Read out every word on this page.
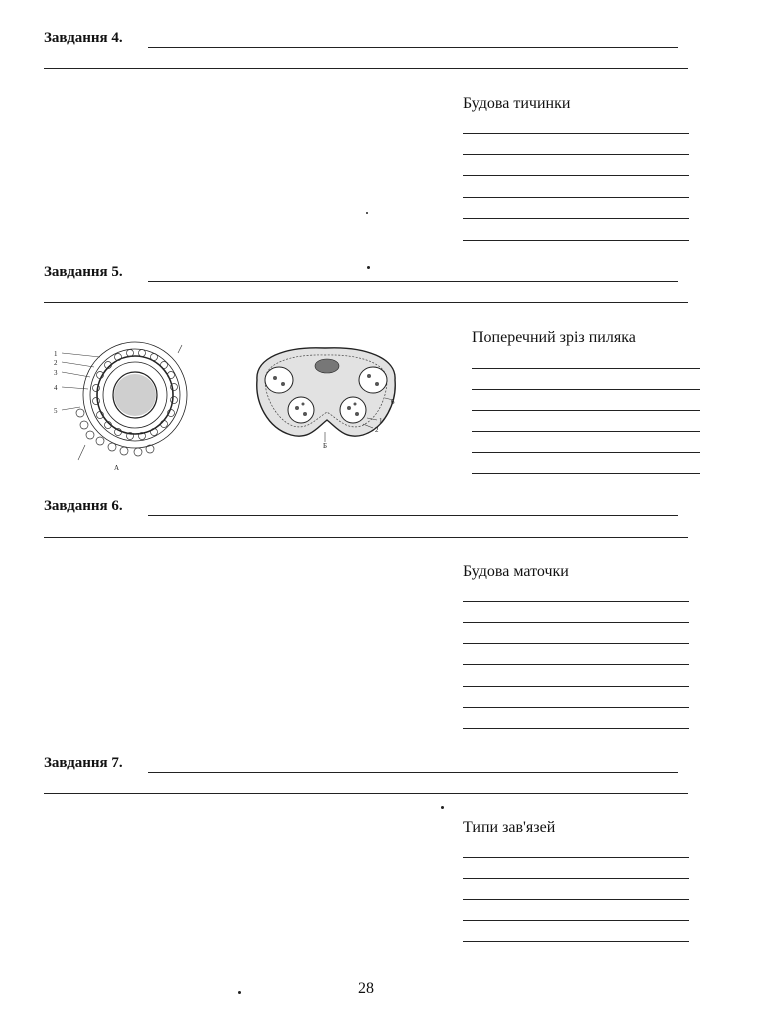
Завдання 4.
Будова тичинки
Завдання 5.
Поперечний зріз пиляка
1
2
3
4
5
А
6
1
2
Б
Завдання 6.
Будова маточки
Завдання 7.
Типи зав'язей
28
